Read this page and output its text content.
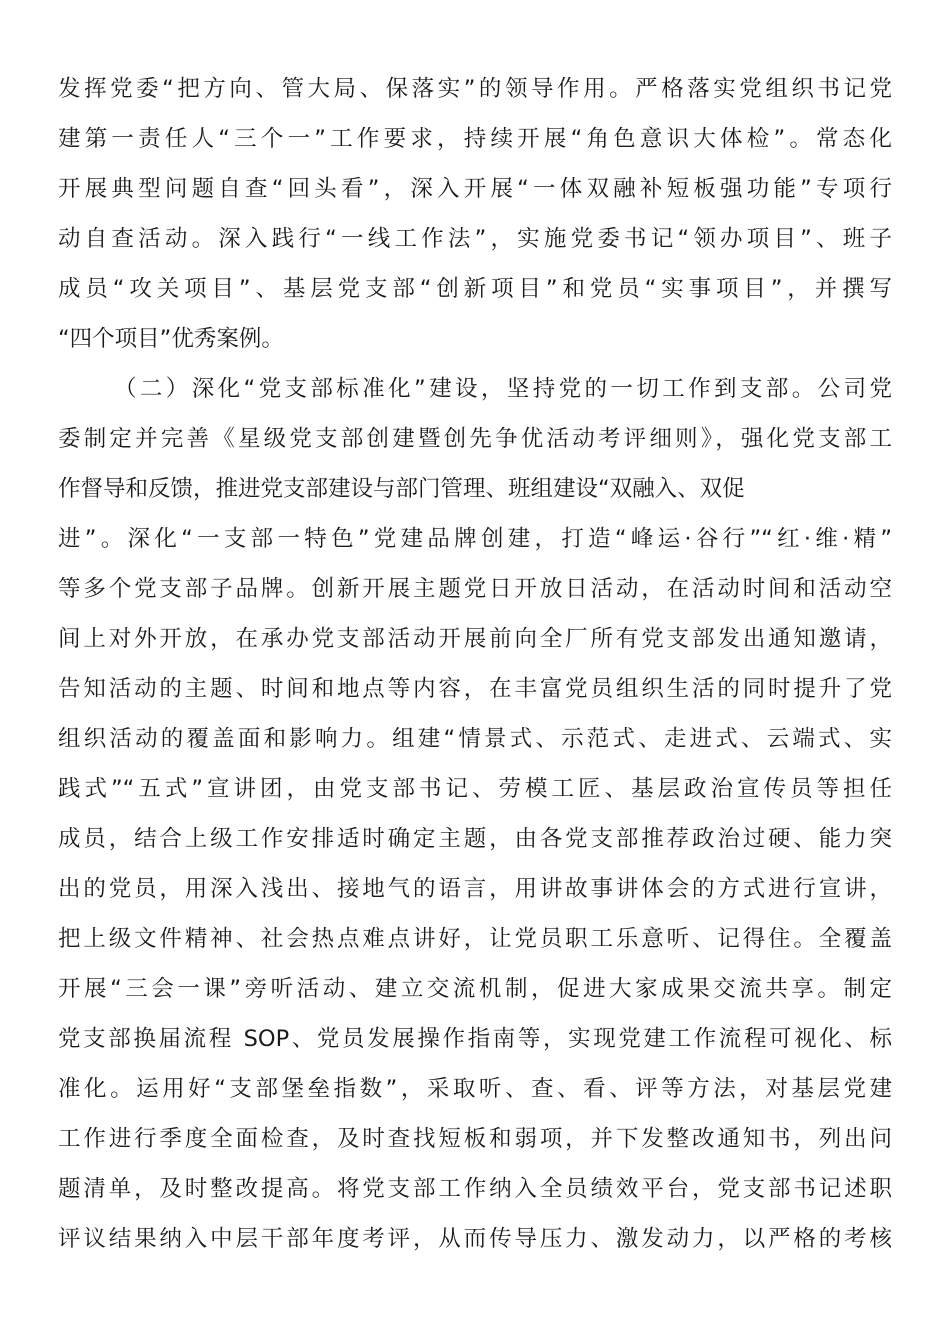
发挥党委“把方向、管大局、保落实”的领导作用。严格落实党组织书记党
建第一责任人“三个一”工作要求，持续开展“角色意识大体检”。常态化
开展典型问题自查“回头看”，深入开展“一体双融补短板强功能”专项行
动自查活动。深入践行“一线工作法”，实施党委书记“领办项目”、班子
成员“攻关项目”、基层党支部“创新项目”和党员“实事项目”，并撰写
“四个项目”优秀案例。
（二）深化“党支部标准化”建设，坚持党的一切工作到支部。公司党
委制定并完善《星级党支部创建暨创先争优活动考评细则》，强化党支部工
作督导和反馈，推进党支部建设与部门管理、班组建设“双融入、双促
进”。深化“一支部一特色”党建品牌创建，打造“峰运·谷行”“红·维·精”
等多个党支部子品牌。创新开展主题党日开放日活动，在活动时间和活动空
间上对外开放，在承办党支部活动开展前向全厂所有党支部发出通知邀请，
告知活动的主题、时间和地点等内容，在丰富党员组织生活的同时提升了党
组织活动的覆盖面和影响力。组建“情景式、示范式、走进式、云端式、实
践式”“五式”宣讲团，由党支部书记、劳模工匠、基层政治宣传员等担任
成员，结合上级工作安排适时确定主题，由各党支部推荐政治过硬、能力突
出的党员，用深入浅出、接地气的语言，用讲故事讲体会的方式进行宣讲，
把上级文件精神、社会热点难点讲好，让党员职工乐意听、记得住。全覆盖
开展“三会一课”旁听活动、建立交流机制，促进大家成果交流共享。制定
党支部换届流程 SOP、党员发展操作指南等，实现党建工作流程可视化、标
准化。运用好“支部堡垒指数”，采取听、查、看、评等方法，对基层党建
工作进行季度全面检查，及时查找短板和弱项，并下发整改通知书，列出问
题清单，及时整改提高。将党支部工作纳入全员绩效平台，党支部书记述职
评议结果纳入中层干部年度考评，从而传导压力、激发动力，以严格的考核
